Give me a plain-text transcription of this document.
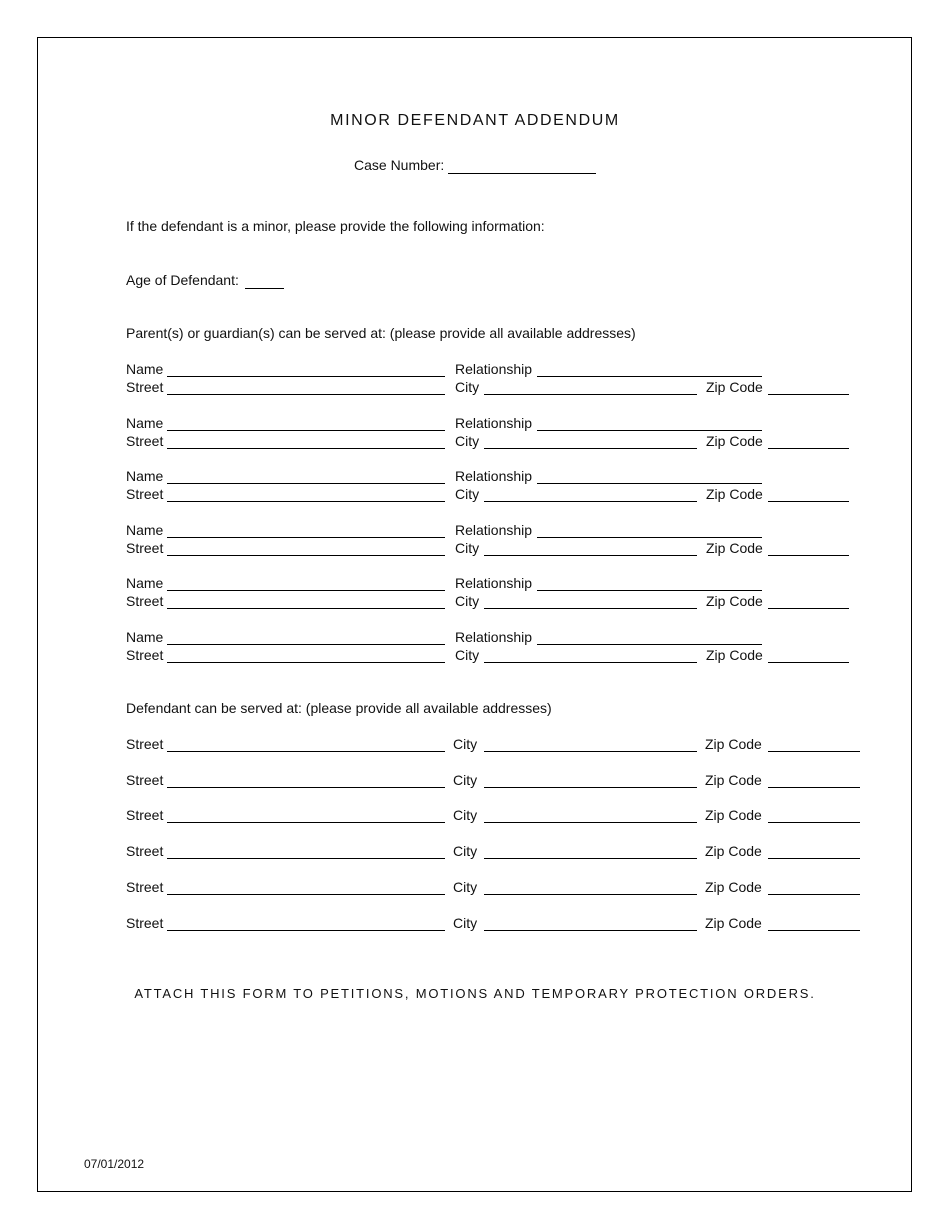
MINOR DEFENDANT ADDENDUM
Case Number:
If the defendant is a minor, please provide the following information:
Age of Defendant:
Parent(s) or guardian(s) can be served at: (please provide all available addresses)
Name	Relationship
Street	City	Zip Code
Name	Relationship
Street	City	Zip Code
Name	Relationship
Street	City	Zip Code
Name	Relationship
Street	City	Zip Code
Name	Relationship
Street	City	Zip Code
Name	Relationship
Street	City	Zip Code
Defendant can be served at: (please provide all available addresses)
Street	City	Zip Code
Street	City	Zip Code
Street	City	Zip Code
Street	City	Zip Code
Street	City	Zip Code
Street	City	Zip Code
ATTACH THIS FORM TO PETITIONS, MOTIONS AND TEMPORARY PROTECTION ORDERS.
07/01/2012
